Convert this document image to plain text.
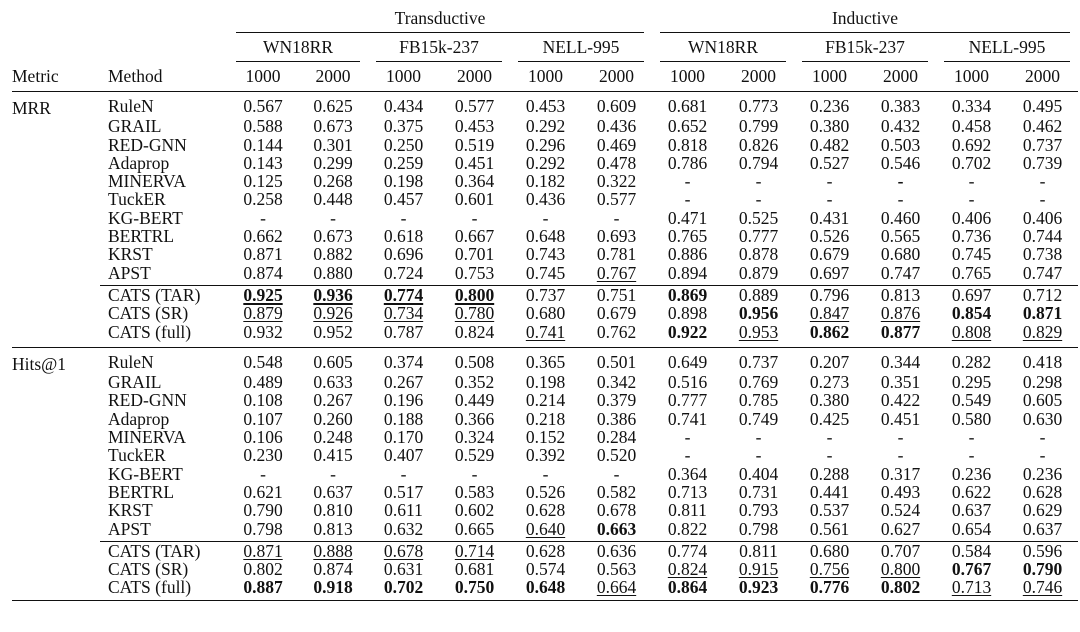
		Transductive						Inductive					
		WN18RR		FB15k-237		NELL-995		WN18RR		FB15k-237		NELL-995	
Metric	Method	1000	2000	1000	2000	1000	2000	1000	2000	1000	2000	1000	2000

MRR	RuleN	0.567	0.625	0.434	0.577	0.453	0.609	0.681	0.773	0.236	0.383	0.334	0.495
	GRAIL	0.588	0.673	0.375	0.453	0.292	0.436	0.652	0.799	0.380	0.432	0.458	0.462
	RED-GNN	0.144	0.301	0.250	0.519	0.296	0.469	0.818	0.826	0.482	0.503	0.692	0.737
	Adaprop	0.143	0.299	0.259	0.451	0.292	0.478	0.786	0.794	0.527	0.546	0.702	0.739
	MINERVA	0.125	0.268	0.198	0.364	0.182	0.322	-	-	-	-	-	-
	TuckER	0.258	0.448	0.457	0.601	0.436	0.577	-	-	-	-	-	-
	KG-BERT	-	-	-	-	-	-	0.471	0.525	0.431	0.460	0.406	0.406
	BERTRL	0.662	0.673	0.618	0.667	0.648	0.693	0.765	0.777	0.526	0.565	0.736	0.744
	KRST	0.871	0.882	0.696	0.701	0.743	0.781	0.886	0.878	0.679	0.680	0.745	0.738
	APST	0.874	0.880	0.724	0.753	0.745	0.767	0.894	0.879	0.697	0.747	0.765	0.747

	CATS (TAR)	0.925	0.936	0.774	0.800	0.737	0.751	0.869	0.889	0.796	0.813	0.697	0.712
	CATS (SR)	0.879	0.926	0.734	0.780	0.680	0.679	0.898	0.956	0.847	0.876	0.854	0.871
	CATS (full)	0.932	0.952	0.787	0.824	0.741	0.762	0.922	0.953	0.862	0.877	0.808	0.829

Hits@1	RuleN	0.548	0.605	0.374	0.508	0.365	0.501	0.649	0.737	0.207	0.344	0.282	0.418
	GRAIL	0.489	0.633	0.267	0.352	0.198	0.342	0.516	0.769	0.273	0.351	0.295	0.298
	RED-GNN	0.108	0.267	0.196	0.449	0.214	0.379	0.777	0.785	0.380	0.422	0.549	0.605
	Adaprop	0.107	0.260	0.188	0.366	0.218	0.386	0.741	0.749	0.425	0.451	0.580	0.630
	MINERVA	0.106	0.248	0.170	0.324	0.152	0.284	-	-	-	-	-	-
	TuckER	0.230	0.415	0.407	0.529	0.392	0.520	-	-	-	-	-	-
	KG-BERT	-	-	-	-	-	-	0.364	0.404	0.288	0.317	0.236	0.236
	BERTRL	0.621	0.637	0.517	0.583	0.526	0.582	0.713	0.731	0.441	0.493	0.622	0.628
	KRST	0.790	0.810	0.611	0.602	0.628	0.678	0.811	0.793	0.537	0.524	0.637	0.629
	APST	0.798	0.813	0.632	0.665	0.640	0.663	0.822	0.798	0.561	0.627	0.654	0.637

	CATS (TAR)	0.871	0.888	0.678	0.714	0.628	0.636	0.774	0.811	0.680	0.707	0.584	0.596
	CATS (SR)	0.802	0.874	0.631	0.681	0.574	0.563	0.824	0.915	0.756	0.800	0.767	0.790
	CATS (full)	0.887	0.918	0.702	0.750	0.648	0.664	0.864	0.923	0.776	0.802	0.713	0.746
